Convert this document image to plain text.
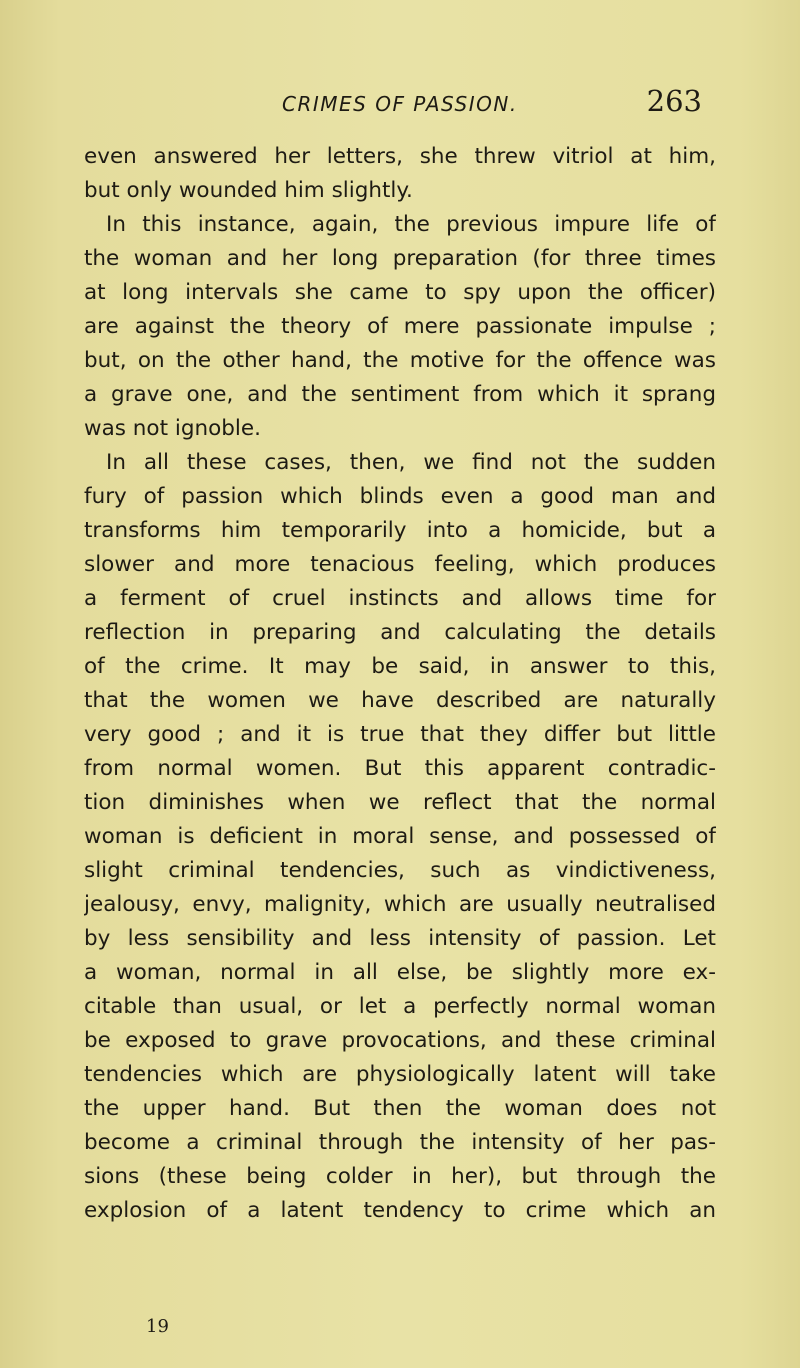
CRIMES OF PASSION.	263
even answered her letters, she threw vitriol at him,
but only wounded him slightly.
In this instance, again, the previous impure life of
the woman and her long preparation (for three times
at long intervals she came to spy upon the officer)
are against the theory of mere passionate impulse ;
but, on the other hand, the motive for the offence was
a grave one, and the sentiment from which it sprang
was not ignoble.
In all these cases, then, we find not the sudden
fury of passion which blinds even a good man and
transforms him temporarily into a homicide, but a
slower and more tenacious feeling, which produces
a ferment of cruel instincts and allows time for
reflection in preparing and calculating the details
of the crime. It may be said, in answer to this,
that the women we have described are naturally
very good ; and it is true that they differ but little
from normal women. But this apparent contradic-
tion diminishes when we reflect that the normal
woman is deficient in moral sense, and possessed of
slight criminal tendencies, such as vindictiveness,
jealousy, envy, malignity, which are usually neutralised
by less sensibility and less intensity of passion. Let
a woman, normal in all else, be slightly more ex-
citable than usual, or let a perfectly normal woman
be exposed to grave provocations, and these criminal
tendencies which are physiologically latent will take
the upper hand. But then the woman does not
become a criminal through the intensity of her pas-
sions (these being colder in her), but through the
explosion of a latent tendency to crime which an
19
